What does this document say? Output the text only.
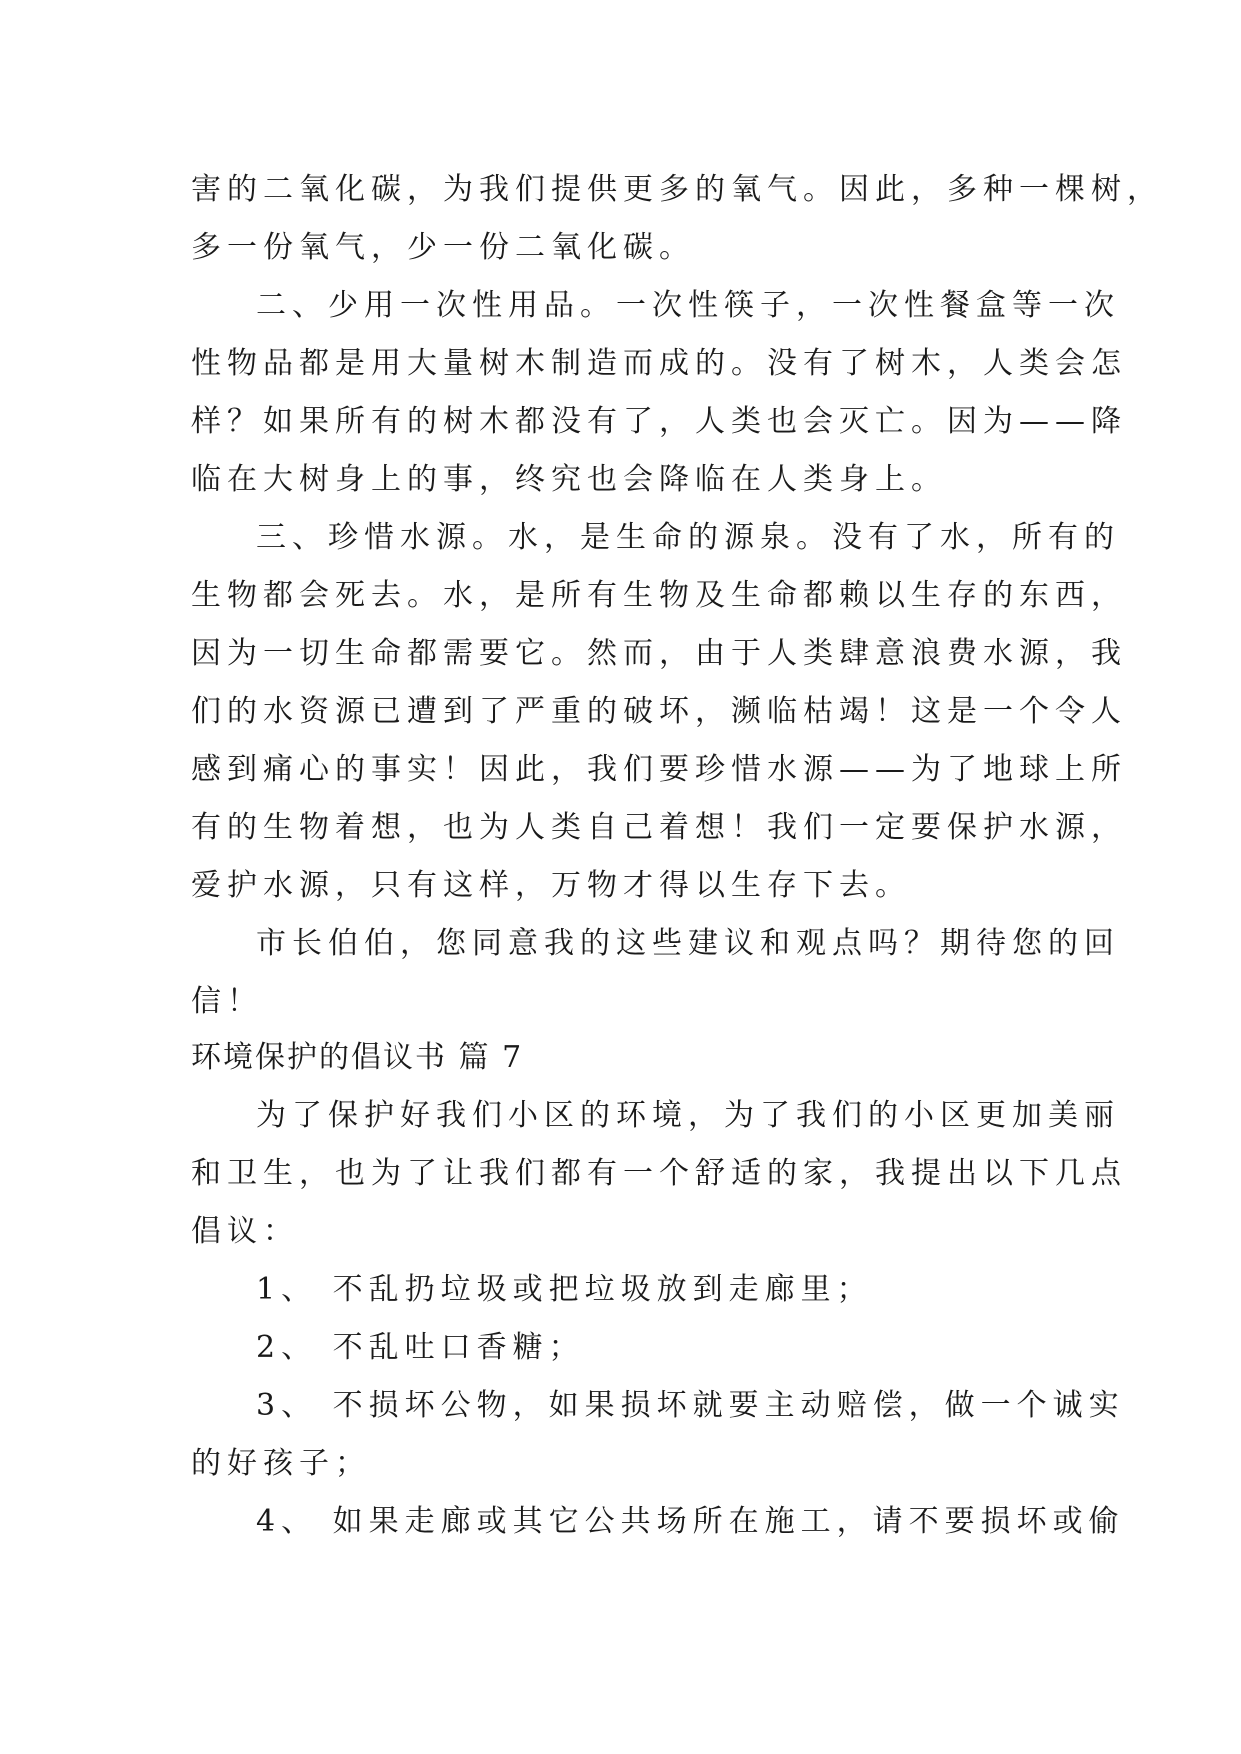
害的二氧化碳，为我们提供更多的氧气。因此，多种一棵树，
多一份氧气，少一份二氧化碳。
二、少用一次性用品。一次性筷子，一次性餐盒等一次
性物品都是用大量树木制造而成的。没有了树木，人类会怎
样？如果所有的树木都没有了，人类也会灭亡。因为——降
临在大树身上的事，终究也会降临在人类身上。
三、珍惜水源。水，是生命的源泉。没有了水，所有的
生物都会死去。水，是所有生物及生命都赖以生存的东西，
因为一切生命都需要它。然而，由于人类肆意浪费水源，我
们的水资源已遭到了严重的破坏，濒临枯竭！这是一个令人
感到痛心的事实！因此，我们要珍惜水源——为了地球上所
有的生物着想，也为人类自己着想！我们一定要保护水源，
爱护水源，只有这样，万物才得以生存下去。
市长伯伯，您同意我的这些建议和观点吗？期待您的回
信！
环境保护的倡议书 篇 7
为了保护好我们小区的环境，为了我们的小区更加美丽
和卫生，也为了让我们都有一个舒适的家，我提出以下几点
倡议：
1、 不乱扔垃圾或把垃圾放到走廊里；
2、 不乱吐口香糖；
3、 不损坏公物，如果损坏就要主动赔偿，做一个诚实
的好孩子；
4、 如果走廊或其它公共场所在施工，请不要损坏或偷
